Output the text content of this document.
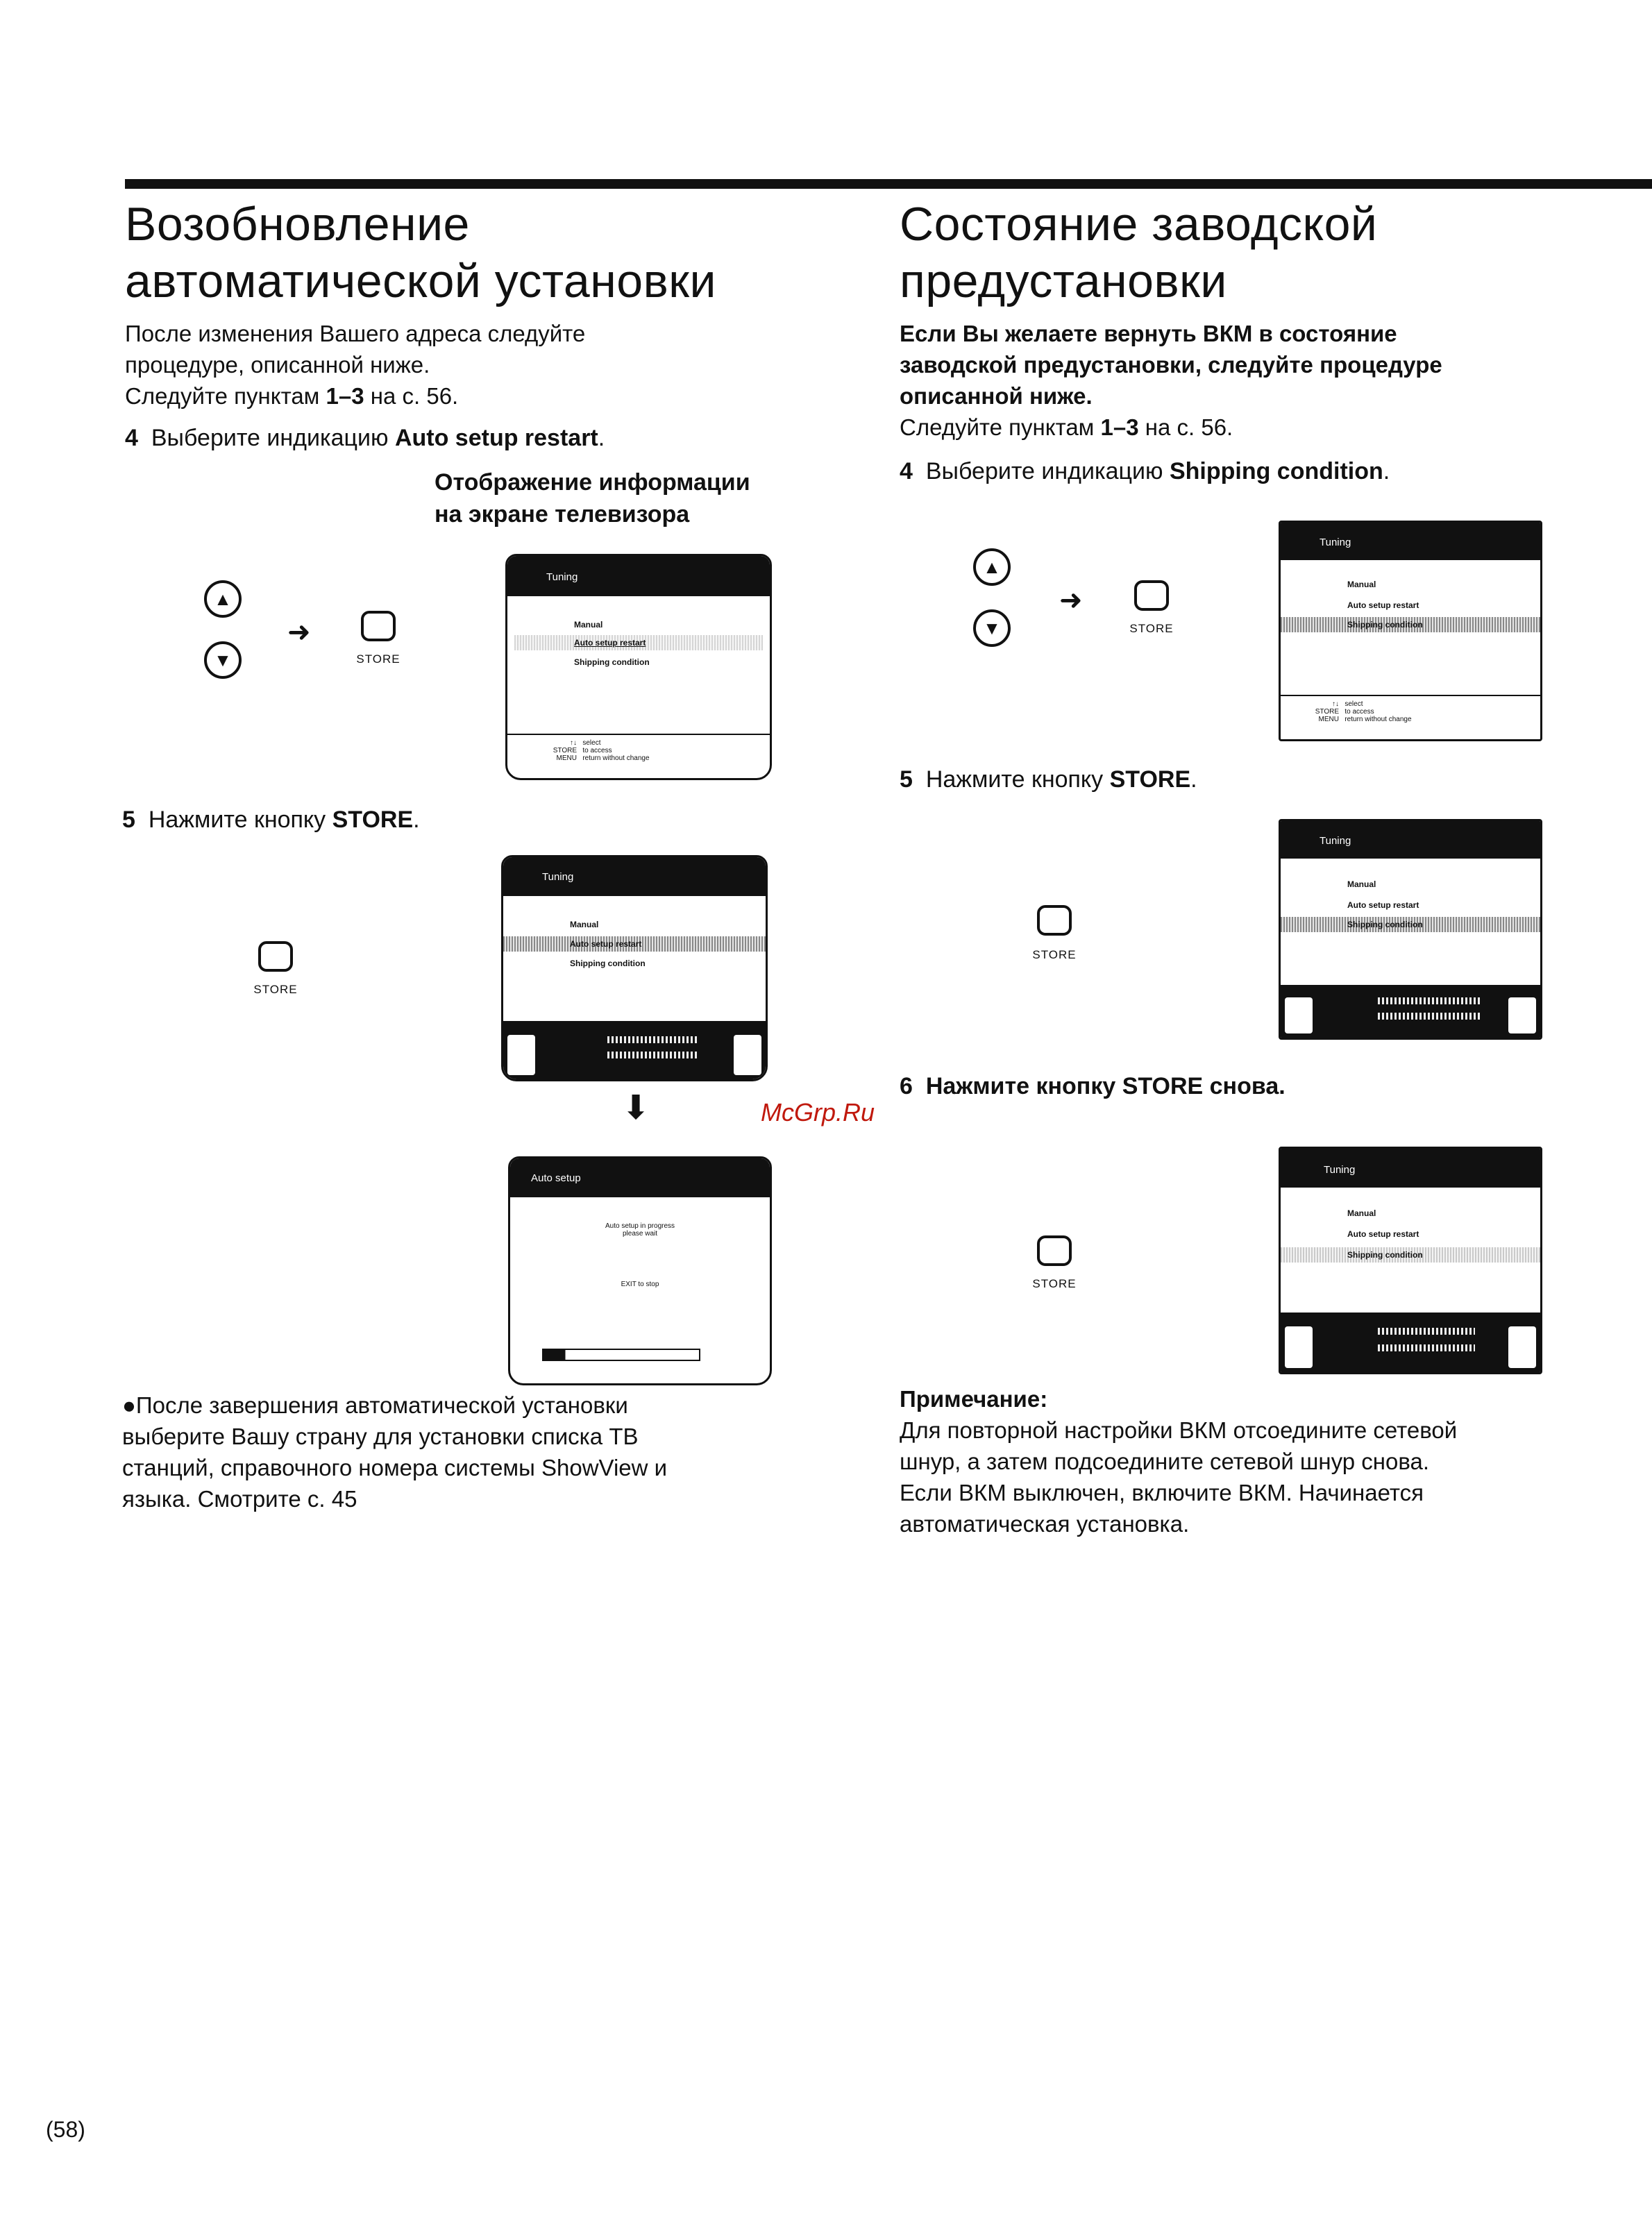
Возобновление
автоматической установки
После изменения Вашего адреса следуйте
процедуре, описанной ниже.
Следуйте пунктам 1–3 на с. 56.
4 Выберите индикацию Auto setup restart.
Отображение информации
на экране телевизора
▲
▼
➜
STORE
Tuning
Manual
Auto setup restart
Shipping condition
↑↓ select
STORE to access
MENU return without change
5 Нажмите кнопку STORE.
STORE
Tuning
Manual
Auto setup restart
Shipping condition
⬇
Auto setup
Auto setup in progress
please wait
EXIT to stop
●После завершения автоматической установки
выберите Вашу страну для установки списка ТВ
станций, справочного номера системы ShowView и
языка. Смотрите с. 45
Состояние заводской
предустановки
Если Вы желаете вернуть ВКМ в состояние
заводской предустановки, следуйте процедуре
описанной ниже.
Следуйте пунктам 1–3 на с. 56.
4 Выберите индикацию Shipping condition.
▲
▼
➜
STORE
Tuning
Manual
Auto setup restart
Shipping condition
↑↓ select
STORE to access
MENU return without change
5 Нажмите кнопку STORE.
STORE
Tuning
Manual
Auto setup restart
Shipping condition
6 Нажмите кнопку STORE снова.
McGrp.Ru
STORE
Tuning
Manual
Auto setup restart
Shipping condition
Примечание:
Для повторной настройки ВКМ отсоедините сетевой
шнур, а затем подсоедините сетевой шнур снова.
Если ВКМ выключен, включите ВКМ. Начинается
автоматическая установка.
(58)
